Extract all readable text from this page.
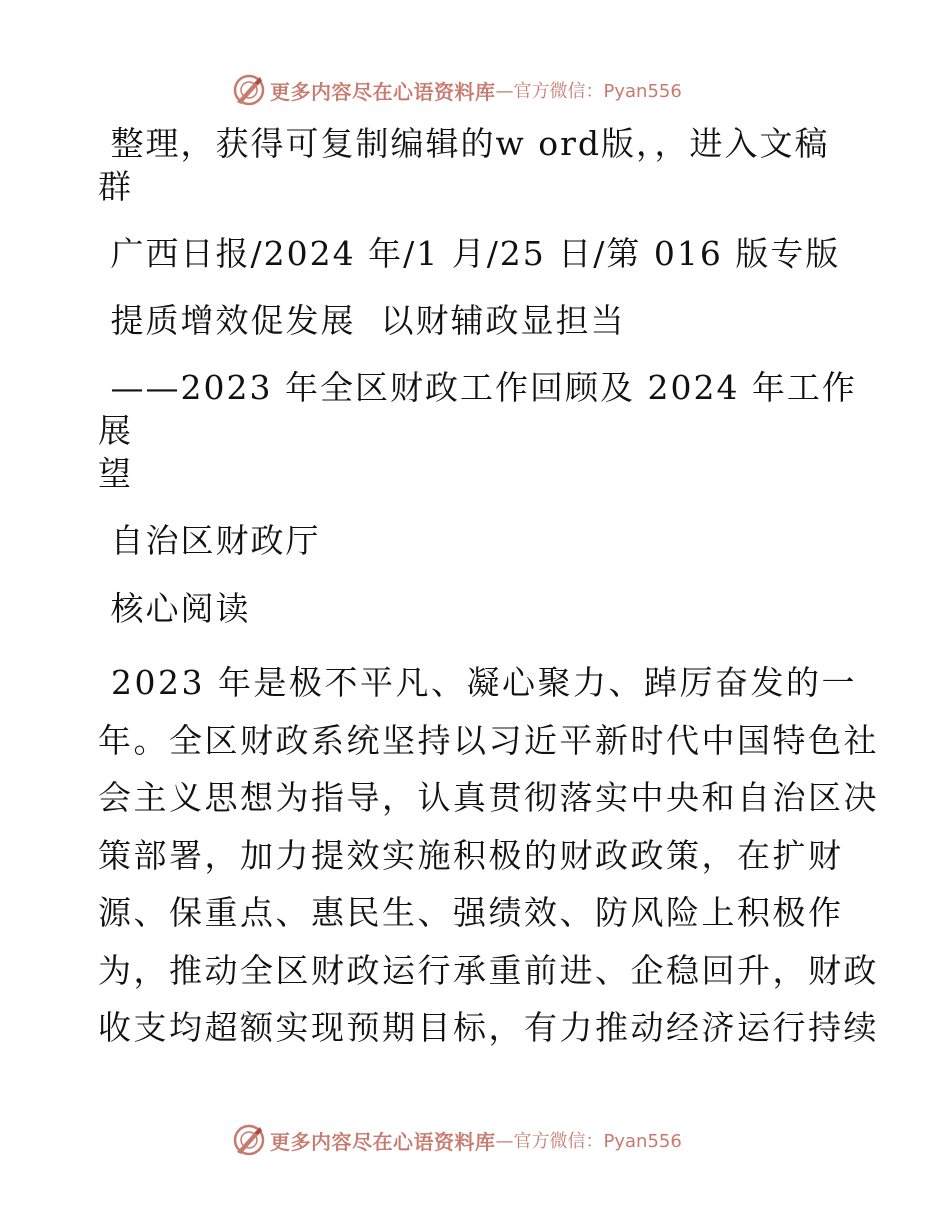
更多内容尽在心语资料库 —官方微信：Pyan556

整理，获得可复制编辑的w ord版，，进入文稿
群

广西日报/2024 年/1 月/25 日/第 016 版专版

提质增效促发展  以财辅政显担当

——2023 年全区财政工作回顾及 2024 年工作展
望

自治区财政厅

核心阅读

2023 年是极不平凡、凝心聚力、踔厉奋发的一

年。全区财政系统坚持以习近平新时代中国特色社

会主义思想为指导，认真贯彻落实中央和自治区决

策部署，加力提效实施积极的财政政策，在扩财

源、保重点、惠民生、强绩效、防风险上积极作

为，推动全区财政运行承重前进、企稳回升，财政

收支均超额实现预期目标，有力推动经济运行持续

更多内容尽在心语资料库 —官方微信：Pyan556
